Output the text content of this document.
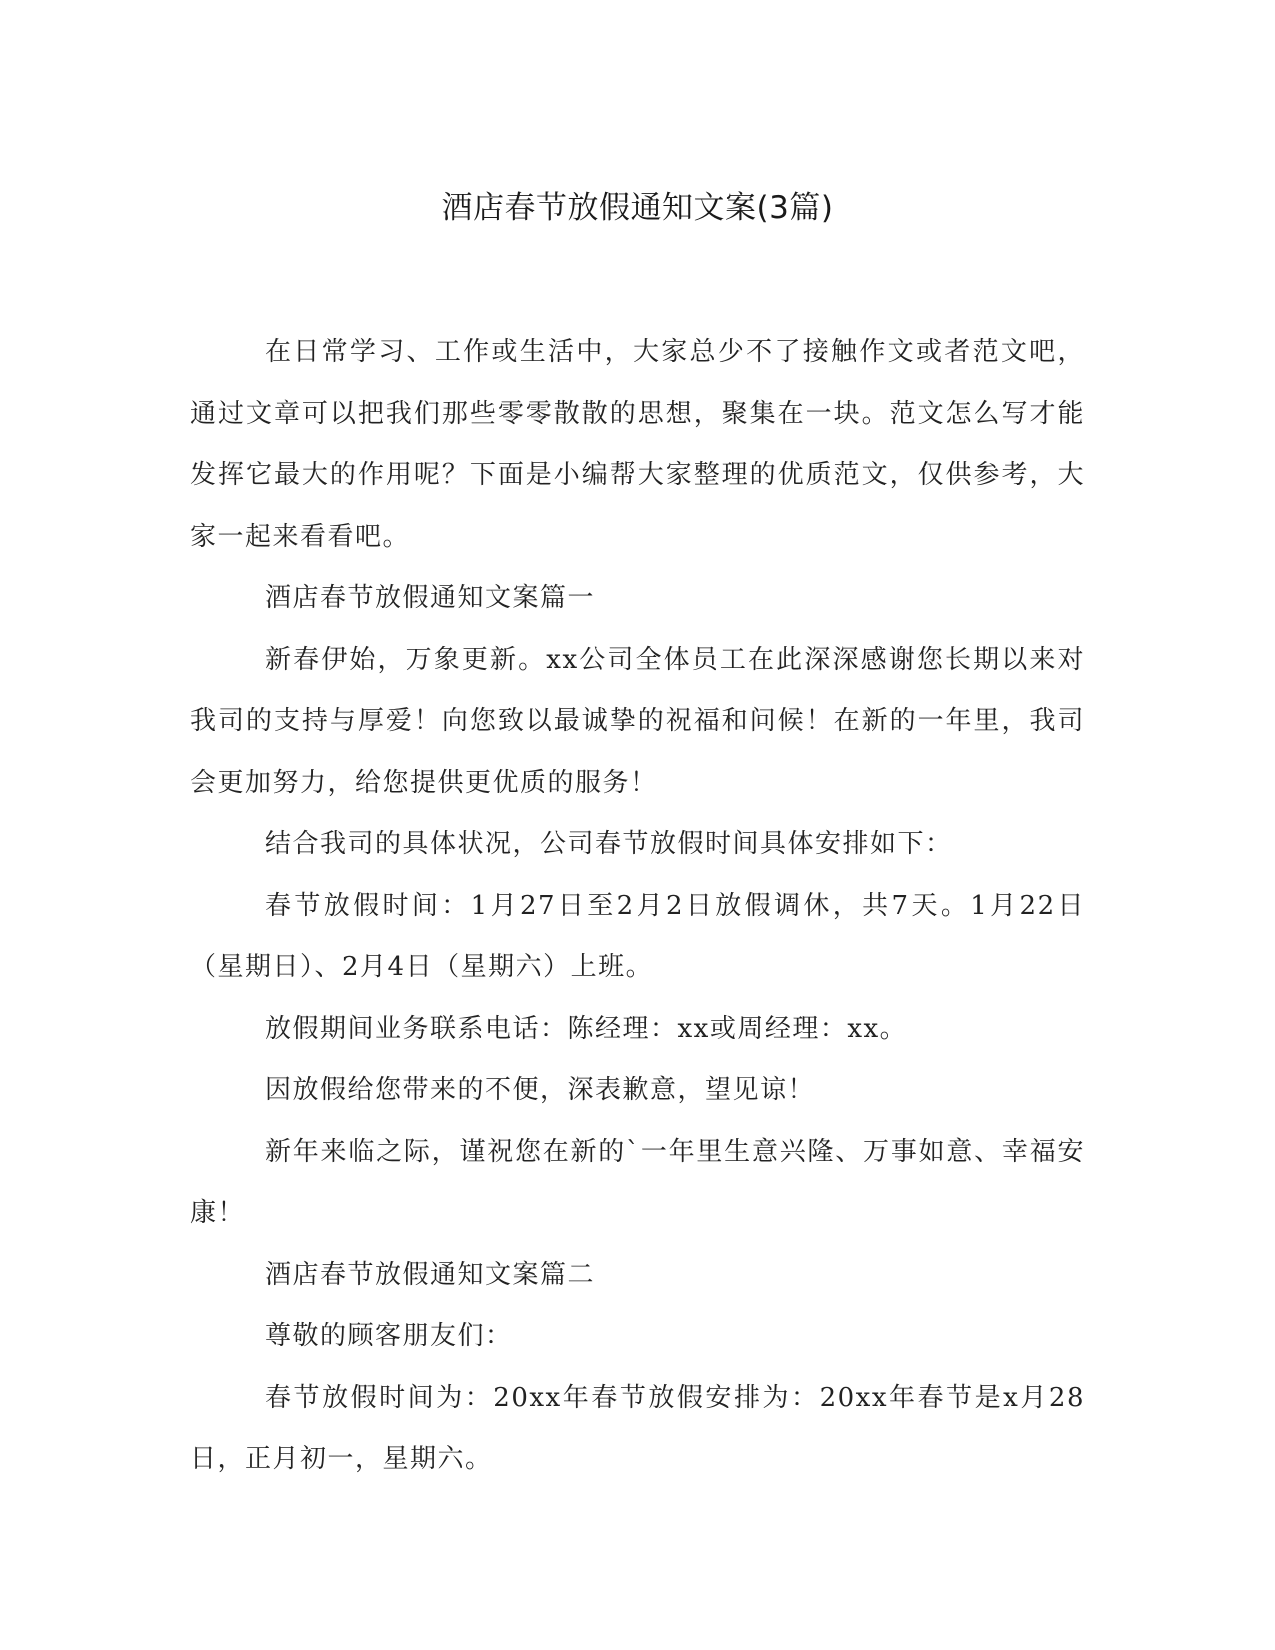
酒店春节放假通知文案(3篇)

在日常学习、工作或生活中，大家总少不了接触作文或者范文吧，通过文章可以把我们那些零零散散的思想，聚集在一块。范文怎么写才能发挥它最大的作用呢？下面是小编帮大家整理的优质范文，仅供参考，大家一起来看看吧。

酒店春节放假通知文案篇一

新春伊始，万象更新。xx公司全体员工在此深深感谢您长期以来对我司的支持与厚爱！向您致以最诚挚的祝福和问候！在新的一年里，我司会更加努力，给您提供更优质的服务！

结合我司的具体状况，公司春节放假时间具体安排如下：

春节放假时间：1月27日至2月2日放假调休，共7天。1月22日（星期日）、2月4日（星期六）上班。

放假期间业务联系电话：陈经理：xx或周经理：xx。

因放假给您带来的不便，深表歉意，望见谅！

新年来临之际，谨祝您在新的`一年里生意兴隆、万事如意、幸福安康！

酒店春节放假通知文案篇二

尊敬的顾客朋友们：

春节放假时间为：20xx年春节放假安排为：20xx年春节是x月28日，正月初一，星期六。
